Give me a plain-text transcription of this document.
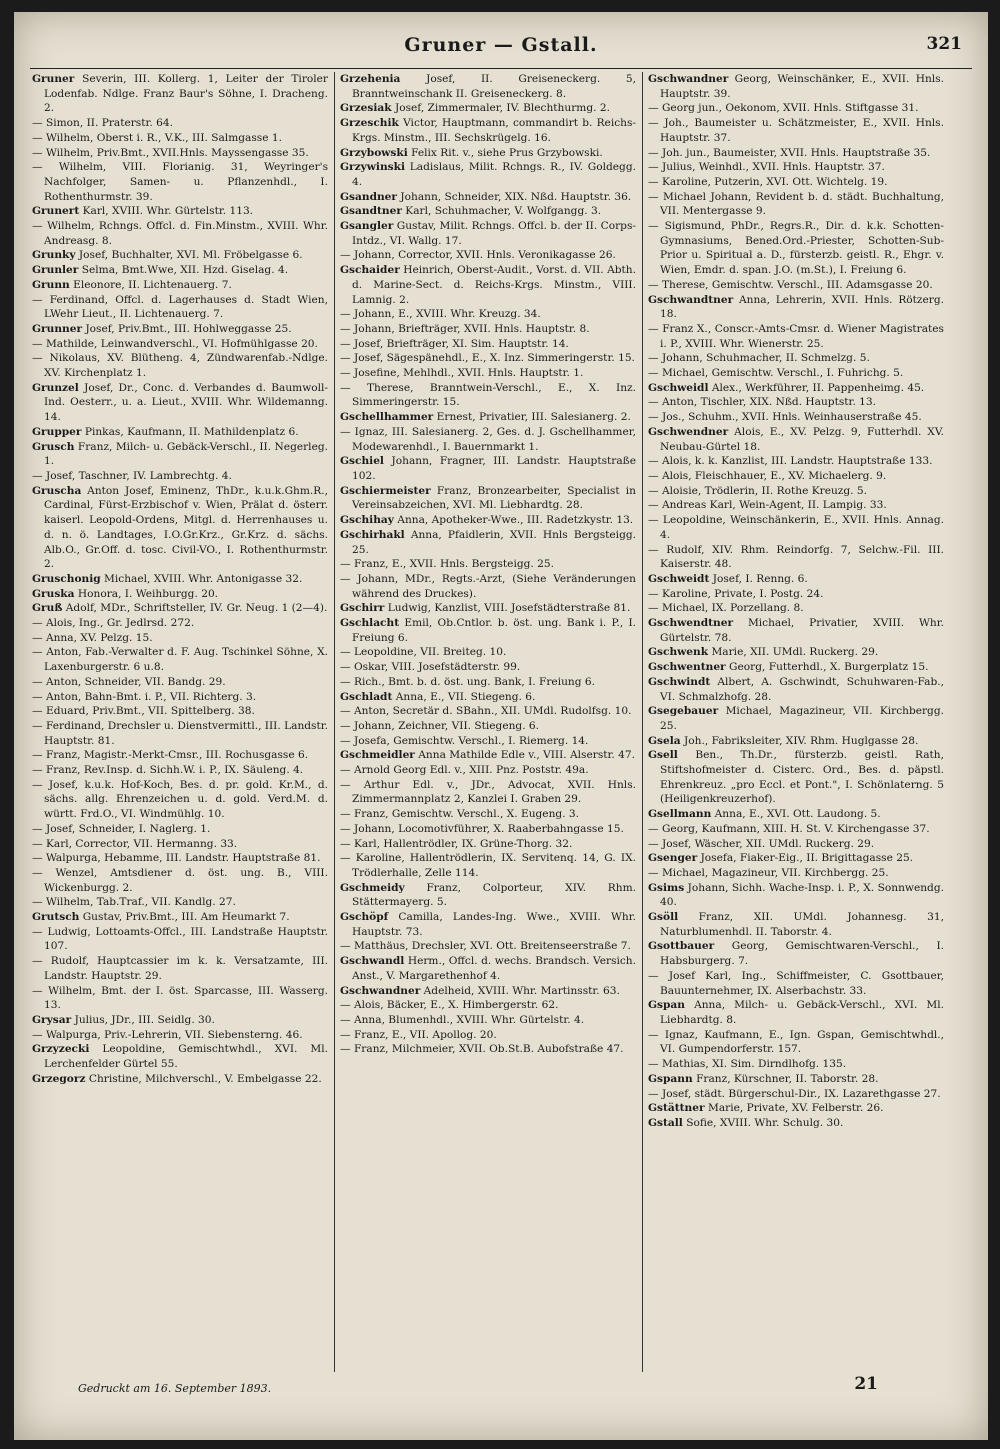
Gruner — Gstall.	321
Gruner Severin, III. Kollerg. 1, Leiter der Tiroler Lodenfab. Ndlge. Franz Baur's Söhne, I. Dracheng. 2.
— Simon, II. Praterstr. 64.
— Wilhelm, Oberst i. R., V.K., III. Salmgasse 1.
— Wilhelm, Priv.Bmt., XVII.Hnls. Mayssengasse 35.
— Wilhelm, VIII. Florianig. 31, Weyringer's Nachfolger, Samen- u. Pflanzenhdl., I. Rothenthurmstr. 39.
Grunert Karl, XVIII. Whr. Gürtelstr. 113.
— Wilhelm, Rchngs. Offcl. d. Fin.Minstm., XVIII. Whr. Andreasg. 8.
Grunky Josef, Buchhalter, XVI. Ml. Fröbelgasse 6.
Grunler Selma, Bmt.Wwe, XII. Hzd. Giselag. 4.
Grunn Eleonore, II. Lichtenauerg. 7.
— Ferdinand, Offcl. d. Lagerhauses d. Stadt Wien, LWehr Lieut., II. Lichtenauerg. 7.
Grunner Josef, Priv.Bmt., III. Hohlweggasse 25.
— Mathilde, Leinwandverschl., VI. Hofmühlgasse 20.
— Nikolaus, XV. Blütheng. 4, Zündwarenfab.-Ndlge. XV. Kirchenplatz 1.
Grunzel Josef, Dr., Conc. d. Verbandes d. Baumwoll-Ind. Oesterr., u. a. Lieut., XVIII. Whr. Wildemanng. 14.
Grupper Pinkas, Kaufmann, II. Mathildenplatz 6.
Grusch Franz, Milch- u. Gebäck-Verschl., II. Negerleg. 1.
— Josef, Taschner, IV. Lambrechtg. 4.
Gruscha Anton Josef, Eminenz, ThDr., k.u.k.Ghm.R., Cardinal, Fürst-Erzbischof v. Wien, Prälat d. österr. kaiserl. Leopold-Ordens, Mitgl. d. Herrenhauses u. d. n. ö. Landtages, I.O.Gr.Krz., Gr.Krz. d. sächs. Alb.O., Gr.Off. d. tosc. Civil-VO., I. Rothenthurmstr. 2.
Gruschonig Michael, XVIII. Whr. Antonigasse 32.
Gruska Honora, I. Weihburgg. 20.
Gruß Adolf, MDr., Schriftsteller, IV. Gr. Neug. 1 (2—4).
— Alois, Ing., Gr. Jedlrsd. 272.
— Anna, XV. Pelzg. 15.
— Anton, Fab.-Verwalter d. F. Aug. Tschinkel Söhne, X. Laxenburgerstr. 6 u.8.
— Anton, Schneider, VII. Bandg. 29.
— Anton, Bahn-Bmt. i. P., VII. Richterg. 3.
— Eduard, Priv.Bmt., VII. Spittelberg. 38.
— Ferdinand, Drechsler u. Dienstvermittl., III. Landstr. Hauptstr. 81.
— Franz, Magistr.-Merkt-Cmsr., III. Rochusgasse 6.
— Franz, Rev.Insp. d. Sichh.W. i. P., IX. Säuleng. 4.
— Josef, k.u.k. Hof-Koch, Bes. d. pr. gold. Kr.M., d. sächs. allg. Ehrenzeichen u. d. gold. Verd.M. d. württ. Frd.O., VI. Windmühlg. 10.
— Josef, Schneider, I. Naglerg. 1.
— Karl, Corrector, VII. Hermanng. 33.
— Walpurga, Hebamme, III. Landstr. Hauptstraße 81.
— Wenzel, Amtsdiener d. öst. ung. B., VIII. Wickenburgg. 2.
— Wilhelm, Tab.Traf., VII. Kandlg. 27.
Grutsch Gustav, Priv.Bmt., III. Am Heumarkt 7.
— Ludwig, Lottoamts-Offcl., III. Landstraße Hauptstr. 107.
— Rudolf, Hauptcassier im k. k. Versatzamte, III. Landstr. Hauptstr. 29.
— Wilhelm, Bmt. der I. öst. Sparcasse, III. Wasserg. 13.
Grysar Julius, JDr., III. Seidlg. 30.
— Walpurga, Priv.-Lehrerin, VII. Siebensterng. 46.
Grzyzecki Leopoldine, Gemischtwhdl., XVI. Ml. Lerchenfelder Gürtel 55.
Grzegorz Christine, Milchverschl., V. Embelgasse 22.
Grzehenia Josef, II. Greiseneckerg. 5, Branntweinschank II. Greiseneckerg. 8.
Grzesiak Josef, Zimmermaler, IV. Blechthurmg. 2.
Grzeschik Victor, Hauptmann, commandirt b. Reichs-Krgs. Minstm., III. Sechskrügelg. 16.
Grzybowski Felix Rit. v., siehe Prus Grzybowski.
Grzywinski Ladislaus, Milit. Rchngs. R., IV. Goldegg. 4.
Gsandner Johann, Schneider, XIX. Nßd. Hauptstr. 36.
Gsandtner Karl, Schuhmacher, V. Wolfgangg. 3.
Gsangler Gustav, Milit. Rchngs. Offcl. b. der II. Corps-Intdz., VI. Wallg. 17.
— Johann, Corrector, XVII. Hnls. Veronikagasse 26.
Gschaider Heinrich, Oberst-Audit., Vorst. d. VII. Abth. d. Marine-Sect. d. Reichs-Krgs. Minstm., VIII. Lamnig. 2.
— Johann, E., XVIII. Whr. Kreuzg. 34.
— Johann, Briefträger, XVII. Hnls. Hauptstr. 8.
— Josef, Briefträger, XI. Sim. Hauptstr. 14.
— Josef, Sägespänehdl., E., X. Inz. Simmeringerstr. 15.
— Josefine, Mehlhdl., XVII. Hnls. Hauptstr. 1.
— Therese, Branntwein-Verschl., E., X. Inz. Simmeringerstr. 15.
Gschellhammer Ernest, Privatier, III. Salesianerg. 2.
— Ignaz, III. Salesianerg. 2, Ges. d. J. Gschellhammer, Modewarenhdl., I. Bauernmarkt 1.
Gschiel Johann, Fragner, III. Landstr. Hauptstraße 102.
Gschiermeister Franz, Bronzearbeiter, Specialist in Vereinsabzeichen, XVI. Ml. Liebhardtg. 28.
Gschihay Anna, Apotheker-Wwe., III. Radetzkystr. 13.
Gschirhakl Anna, Pfaidlerin, XVII. Hnls Bergsteigg. 25.
— Franz, E., XVII. Hnls. Bergsteigg. 25.
— Johann, MDr., Regts.-Arzt, (Siehe Veränderungen während des Druckes).
Gschirr Ludwig, Kanzlist, VIII. Josefstädterstraße 81.
Gschlacht Emil, Ob.Cntlor. b. öst. ung. Bank i. P., I. Freiung 6.
— Leopoldine, VII. Breiteg. 10.
— Oskar, VIII. Josefstädterstr. 99.
— Rich., Bmt. b. d. öst. ung. Bank, I. Freiung 6.
Gschladt Anna, E., VII. Stiegeng. 6.
— Anton, Secretär d. SBahn., XII. UMdl. Rudolfsg. 10.
— Johann, Zeichner, VII. Stiegeng. 6.
— Josefa, Gemischtw. Verschl., I. Riemerg. 14.
Gschmeidler Anna Mathilde Edle v., VIII. Alserstr. 47.
— Arnold Georg Edl. v., XIII. Pnz. Poststr. 49a.
— Arthur Edl. v., JDr., Advocat, XVII. Hnls. Zimmermannplatz 2, Kanzlei I. Graben 29.
— Franz, Gemischtw. Verschl., X. Eugeng. 3.
— Johann, Locomotivführer, X. Raaberbahngasse 15.
— Karl, Hallentrödler, IX. Grüne-Thorg. 32.
— Karoline, Hallentrödlerin, IX. Servitenq. 14, G. IX. Trödlerhalle, Zelle 114.
Gschmeidy Franz, Colporteur, XIV. Rhm. Stättermayerg. 5.
Gschöpf Camilla, Landes-Ing. Wwe., XVIII. Whr. Hauptstr. 73.
— Matthäus, Drechsler, XVI. Ott. Breitenseerstraße 7.
Gschwandl Herm., Offcl. d. wechs. Brandsch. Versich. Anst., V. Margarethenhof 4.
Gschwandner Adelheid, XVIII. Whr. Martinsstr. 63.
— Alois, Bäcker, E., X. Himbergerstr. 62.
— Anna, Blumenhdl., XVIII. Whr. Gürtelstr. 4.
— Franz, E., VII. Apollog. 20.
— Franz, Milchmeier, XVII. Ob.St.B. Aubofstraße 47.
Gschwandner Georg, Weinschänker, E., XVII. Hnls. Hauptstr. 39.
— Georg jun., Oekonom, XVII. Hnls. Stiftgasse 31.
— Joh., Baumeister u. Schätzmeister, E., XVII. Hnls. Hauptstr. 37.
— Joh. jun., Baumeister, XVII. Hnls. Hauptstraße 35.
— Julius, Weinhdl., XVII. Hnls. Hauptstr. 37.
— Karoline, Putzerin, XVI. Ott. Wichtelg. 19.
— Michael Johann, Revident b. d. städt. Buchhaltung, VII. Mentergasse 9.
— Sigismund, PhDr., Regrs.R., Dir. d. k.k. Schotten-Gymnasiums, Bened.Ord.-Priester, Schotten-Sub-Prior u. Spiritual a. D., fürsterzb. geistl. R., Ehgr. v. Wien, Emdr. d. span. J.O. (m.St.), I. Freiung 6.
— Therese, Gemischtw. Verschl., III. Adamsgasse 20.
Gschwandtner Anna, Lehrerin, XVII. Hnls. Rötzerg. 18.
— Franz X., Conscr.-Amts-Cmsr. d. Wiener Magistrates i. P., XVIII. Whr. Wienerstr. 25.
— Johann, Schuhmacher, II. Schmelzg. 5.
— Michael, Gemischtw. Verschl., I. Fuhrichg. 5.
Gschweidl Alex., Werkführer, II. Pappenheimg. 45.
— Anton, Tischler, XIX. Nßd. Hauptstr. 13.
— Jos., Schuhm., XVII. Hnls. Weinhauserstraße 45.
Gschwendner Alois, E., XV. Pelzg. 9, Futterhdl. XV. Neubau-Gürtel 18.
— Alois, k. k. Kanzlist, III. Landstr. Hauptstraße 133.
— Alois, Fleischhauer, E., XV. Michaelerg. 9.
— Aloisie, Trödlerin, II. Rothe Kreuzg. 5.
— Andreas Karl, Wein-Agent, II. Lampig. 33.
— Leopoldine, Weinschänkerin, E., XVII. Hnls. Annag. 4.
— Rudolf, XIV. Rhm. Reindorfg. 7, Selchw.-Fil. III. Kaiserstr. 48.
Gschweidt Josef, I. Renng. 6.
— Karoline, Private, I. Postg. 24.
— Michael, IX. Porzellang. 8.
Gschwendtner Michael, Privatier, XVIII. Whr. Gürtelstr. 78.
Gschwenk Marie, XII. UMdl. Ruckerg. 29.
Gschwentner Georg, Futterhdl., X. Burgerplatz 15.
Gschwindt Albert, A. Gschwindt, Schuhwaren-Fab., VI. Schmalzhofg. 28.
Gsegebauer Michael, Magazineur, VII. Kirchbergg. 25.
Gsela Joh., Fabriksleiter, XIV. Rhm. Huglgasse 28.
Gsell Ben., Th.Dr., fürsterzb. geistl. Rath, Stiftshofmeister d. Cisterc. Ord., Bes. d. päpstl. Ehrenkreuz. „pro Eccl. et Pont.", I. Schönlaterng. 5 (Heiligenkreuzerhof).
Gsellmann Anna, E., XVI. Ott. Laudong. 5.
— Georg, Kaufmann, XIII. H. St. V. Kirchengasse 37.
— Josef, Wäscher, XII. UMdl. Ruckerg. 29.
Gsenger Josefa, Fiaker-Eig., II. Brigittagasse 25.
— Michael, Magazineur, VII. Kirchbergg. 25.
Gsims Johann, Sichh. Wache-Insp. i. P., X. Sonnwendg. 40.
Gsöll Franz, XII. UMdl. Johannesg. 31, Naturblumenhdl. II. Taborstr. 4.
Gsottbauer Georg, Gemischtwaren-Verschl., I. Habsburgerg. 7.
— Josef Karl, Ing., Schiffmeister, C. Gsottbauer, Bauunternehmer, IX. Alserbachstr. 33.
Gspan Anna, Milch- u. Gebäck-Verschl., XVI. Ml. Liebhardtg. 8.
— Ignaz, Kaufmann, E., Ign. Gspan, Gemischtwhdl., VI. Gumpendorferstr. 157.
— Mathias, XI. Sim. Dirndlhofg. 135.
Gspann Franz, Kürschner, II. Taborstr. 28.
— Josef, städt. Bürgerschul-Dir., IX. Lazarethgasse 27.
Gstättner Marie, Private, XV. Felberstr. 26.
Gstall Sofie, XVIII. Whr. Schulg. 30.
Gedruckt am 16. September 1893.	21
